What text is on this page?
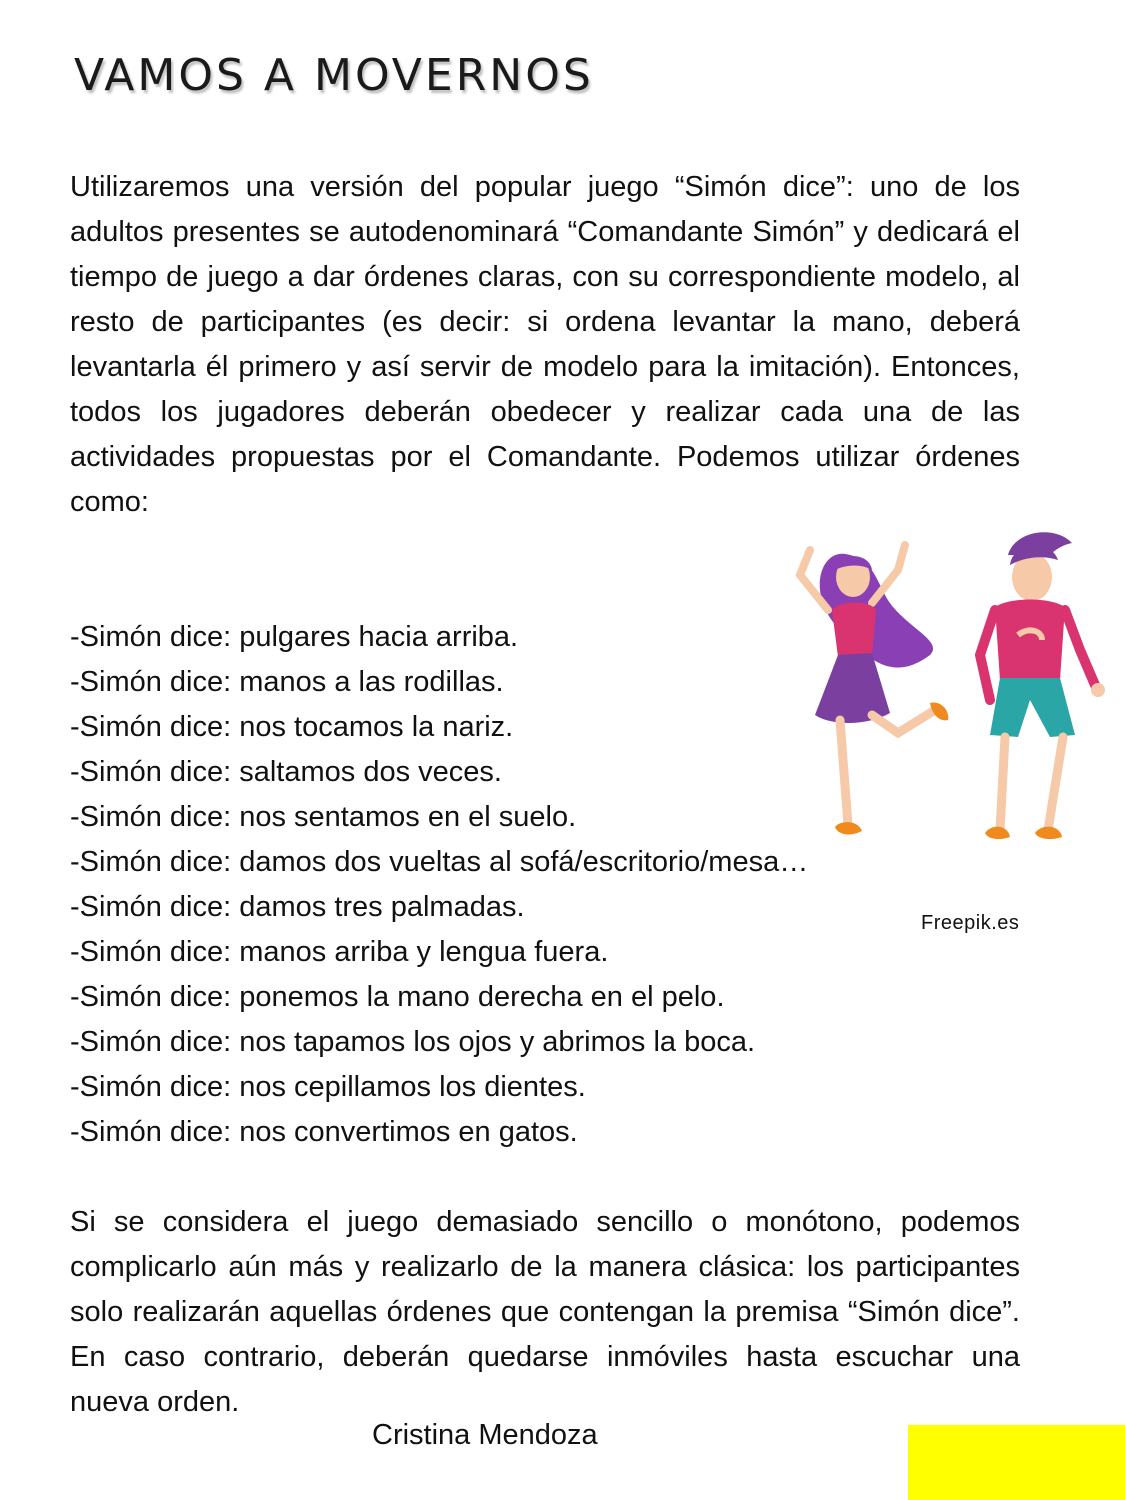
VAMOS A MOVERNOS

Utilizaremos una versión del popular juego “Simón dice”: uno de los adultos presentes se autodenominará “Comandante Simón” y dedicará el tiempo de juego a dar órdenes claras, con su correspondiente modelo, al resto de participantes (es decir: si ordena levantar la mano, deberá levantarla él primero y así servir de modelo para la imitación). Entonces, todos los jugadores deberán obedecer y realizar cada una de las actividades propuestas por el Comandante. Podemos utilizar órdenes como:

-Simón dice: pulgares hacia arriba.
-Simón dice: manos a las rodillas.
-Simón dice: nos tocamos la nariz.
-Simón dice: saltamos dos veces.
-Simón dice: nos sentamos en el suelo.
-Simón dice: damos dos vueltas al sofá/escritorio/mesa…
-Simón dice: damos tres palmadas.
-Simón dice: manos arriba y lengua fuera.
-Simón dice: ponemos la mano derecha en el pelo.
-Simón dice: nos tapamos los ojos y abrimos la boca.
-Simón dice: nos cepillamos los dientes.
-Simón dice: nos convertimos en gatos.
Freepik.es

Si se considera el juego demasiado sencillo o monótono, podemos complicarlo aún más y realizarlo de la manera clásica: los participantes solo realizarán aquellas órdenes que contengan la premisa “Simón dice”. En caso contrario, deberán quedarse inmóviles hasta escuchar una nueva orden.

Cristina Mendoza
